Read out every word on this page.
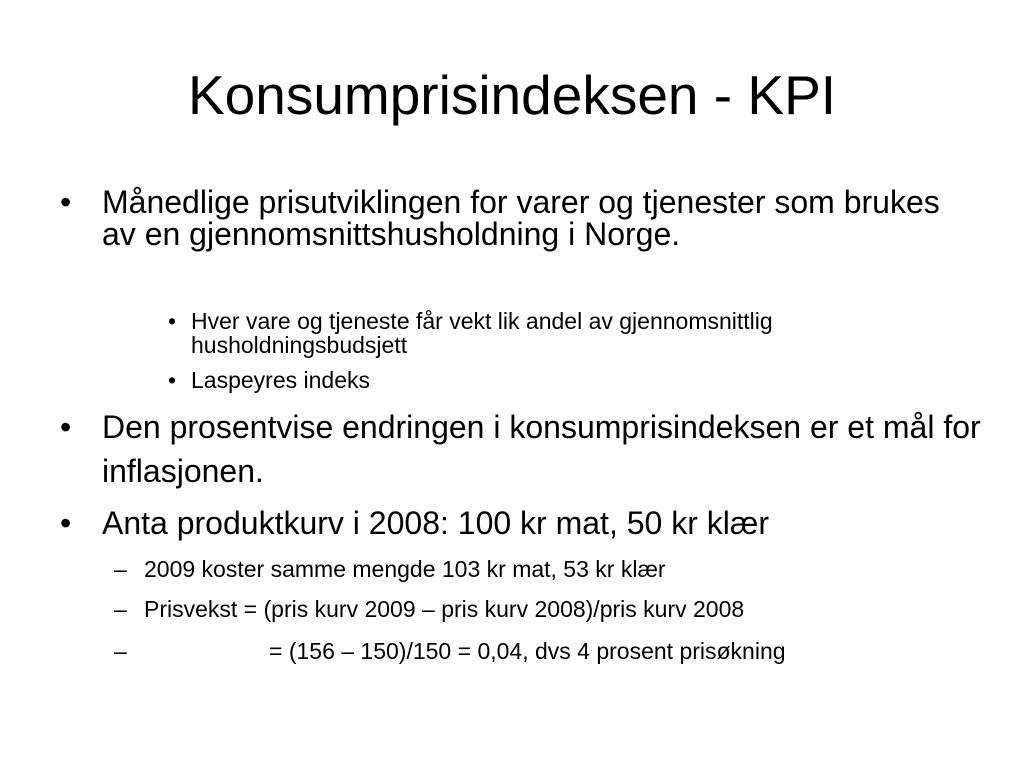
Konsumprisindeksen - KPI
• Månedlige prisutviklingen for varer og tjenester som brukes av en gjennomsnittshusholdning i Norge.
• Hver vare og tjeneste får vekt lik andel av gjennomsnittlig husholdningsbudsjett
• Laspeyres indeks
• Den prosentvise endringen i konsumprisindeksen er et mål for inflasjonen.
• Anta produktkurv i 2008: 100 kr mat, 50 kr klær
– 2009 koster samme mengde 103 kr mat, 53 kr klær
– Prisvekst = (pris kurv 2009 – pris kurv 2008)/pris kurv 2008
–	= (156 – 150)/150 = 0,04, dvs 4 prosent prisøkning
